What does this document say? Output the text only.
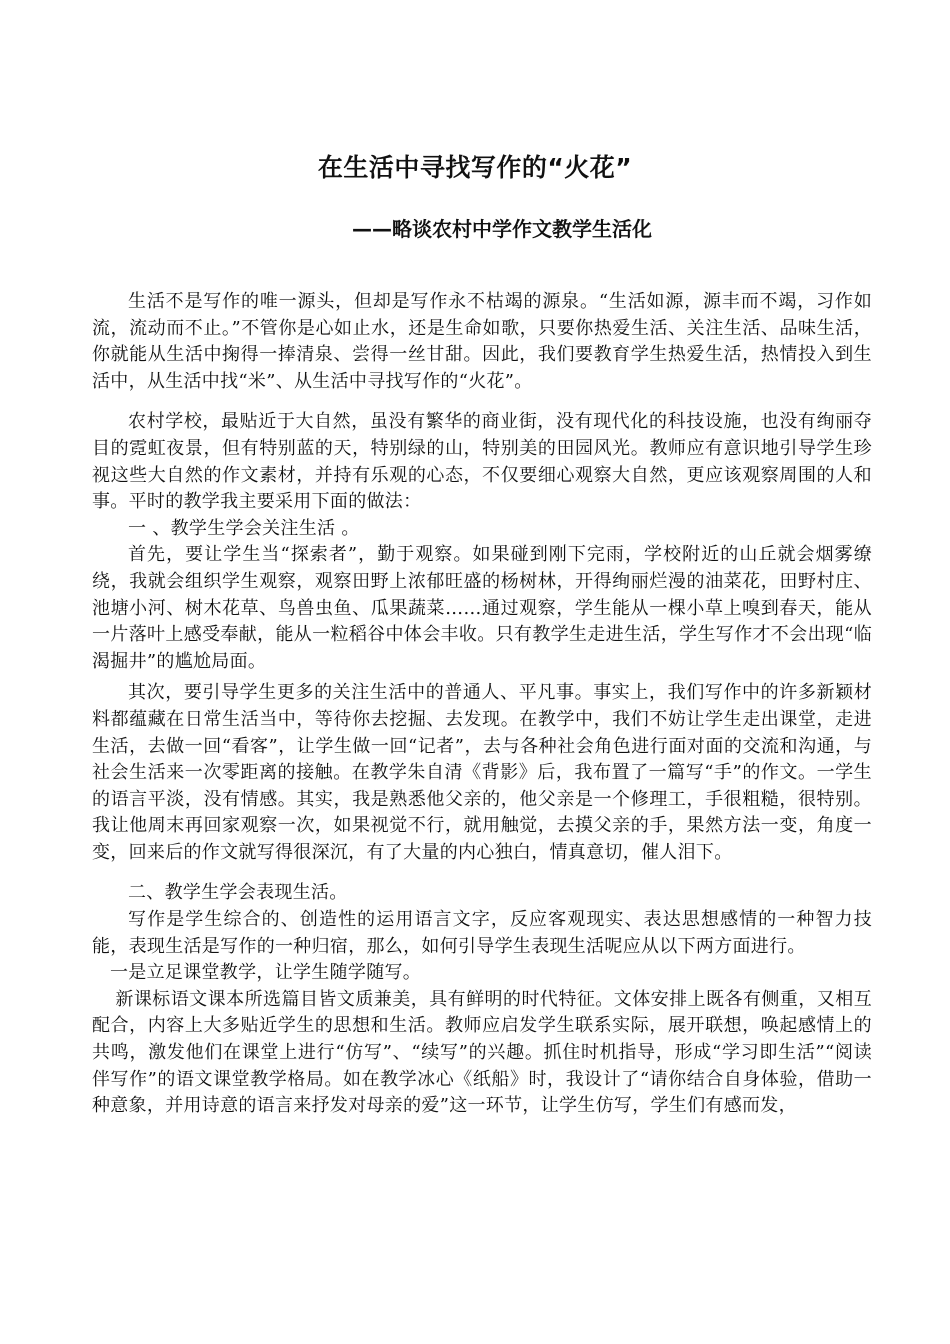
在生活中寻找写作的“火花”
——略谈农村中学作文教学生活化

生活不是写作的唯一源头，但却是写作永不枯竭的源泉。“生活如源，源丰而不竭，习作如流，流动而不止。”不管你是心如止水，还是生命如歌，只要你热爱生活、关注生活、品味生活，你就能从生活中掬得一捧清泉、尝得一丝甘甜。因此，我们要教育学生热爱生活，热情投入到生活中，从生活中找“米”、从生活中寻找写作的“火花”。

农村学校，最贴近于大自然，虽没有繁华的商业街，没有现代化的科技设施，也没有绚丽夺目的霓虹夜景，但有特别蓝的天，特别绿的山，特别美的田园风光。教师应有意识地引导学生珍视这些大自然的作文素材，并持有乐观的心态，不仅要细心观察大自然，更应该观察周围的人和事。平时的教学我主要采用下面的做法：

一 、教学生学会关注生活 。

首先，要让学生当“探索者”，勤于观察。如果碰到刚下完雨，学校附近的山丘就会烟雾缭绕，我就会组织学生观察，观察田野上浓郁旺盛的杨树林，开得绚丽烂漫的油菜花，田野村庄、池塘小河、树木花草、鸟兽虫鱼、瓜果蔬菜……通过观察，学生能从一棵小草上嗅到春天，能从一片落叶上感受奉献，能从一粒稻谷中体会丰收。只有教学生走进生活，学生写作才不会出现“临渴掘井”的尴尬局面。

其次，要引导学生更多的关注生活中的普通人、平凡事。事实上，我们写作中的许多新颖材料都蕴藏在日常生活当中，等待你去挖掘、去发现。在教学中，我们不妨让学生走出课堂，走进生活，去做一回“看客”，让学生做一回“记者”，去与各种社会角色进行面对面的交流和沟通，与社会生活来一次零距离的接触。在教学朱自清《背影》后，我布置了一篇写“手”的作文。一学生的语言平淡，没有情感。其实，我是熟悉他父亲的，他父亲是一个修理工，手很粗糙，很特别。我让他周末再回家观察一次，如果视觉不行，就用触觉，去摸父亲的手，果然方法一变，角度一变，回来后的作文就写得很深沉，有了大量的内心独白，情真意切，催人泪下。

二、教学生学会表现生活。

写作是学生综合的、创造性的运用语言文字，反应客观现实、表达思想感情的一种智力技能，表现生活是写作的一种归宿，那么，如何引导学生表现生活呢应从以下两方面进行。

一是立足课堂教学，让学生随学随写。

新课标语文课本所选篇目皆文质兼美，具有鲜明的时代特征。文体安排上既各有侧重，又相互配合，内容上大多贴近学生的思想和生活。教师应启发学生联系实际，展开联想，唤起感情上的共鸣，激发他们在课堂上进行“仿写”、“续写”的兴趣。抓住时机指导，形成“学习即生活”“阅读伴写作”的语文课堂教学格局。如在教学冰心《纸船》时，我设计了“请你结合自身体验，借助一种意象，并用诗意的语言来抒发对母亲的爱”这一环节，让学生仿写，学生们有感而发，
